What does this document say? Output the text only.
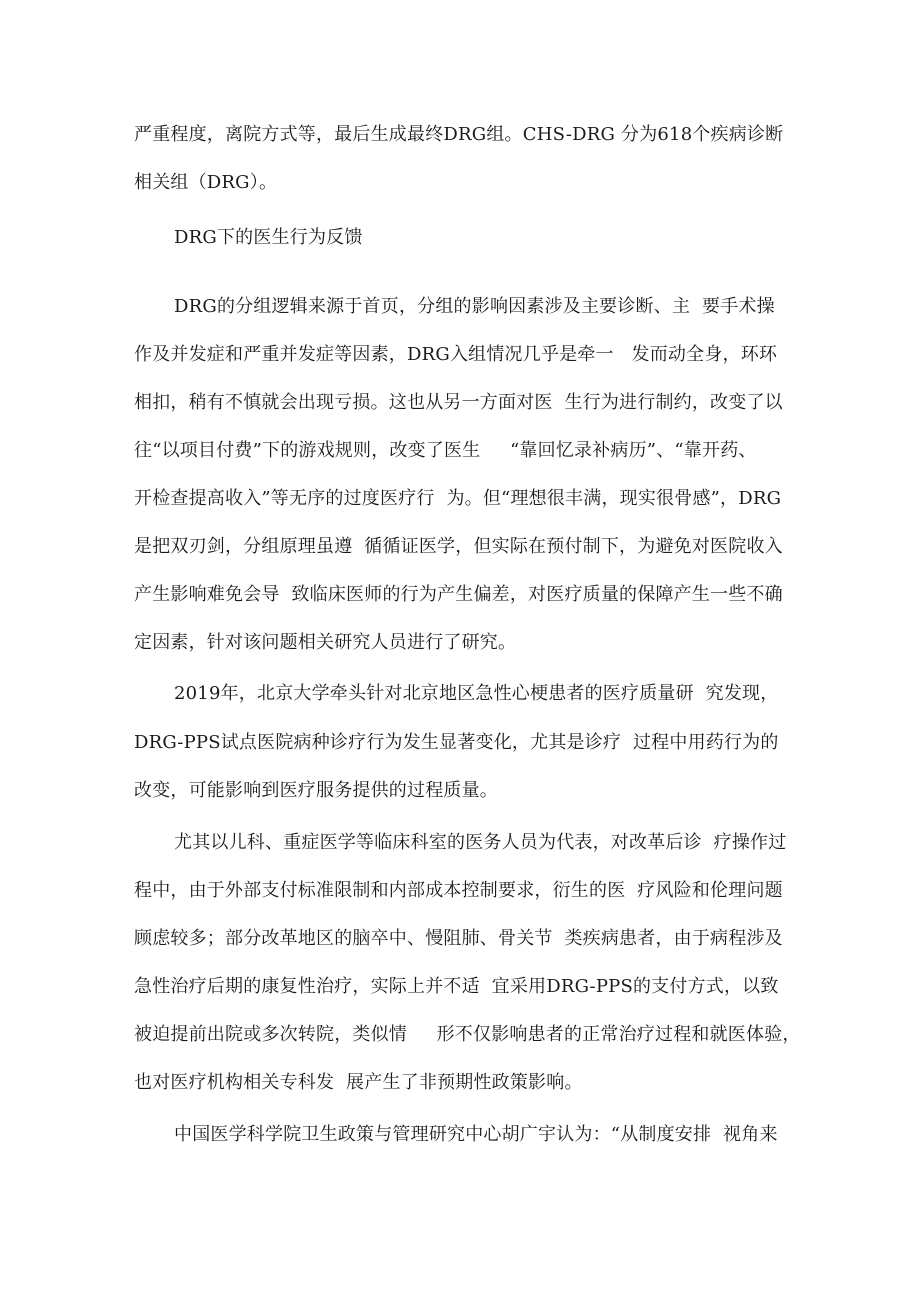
严重程度，离院方式等，最后生成最终DRG组。CHS-DRG 分为618个疾病诊断
相关组（DRG）。
DRG下的医生行为反馈
DRG的分组逻辑来源于首页，分组的影响因素涉及主要诊断、主  要手术操
作及并发症和严重并发症等因素，DRG入组情况几乎是牵一   发而动全身，环环
相扣，稍有不慎就会出现亏损。这也从另一方面对医  生行为进行制约，改变了以
往“以项目付费”下的游戏规则，改变了医生     “靠回忆录补病历”、“靠开药、
开检查提高收入”等无序的过度医疗行  为。但“理想很丰满，现实很骨感”，DRG
是把双刃剑，分组原理虽遵  循循证医学，但实际在预付制下，为避免对医院收入
产生影响难免会导  致临床医师的行为产生偏差，对医疗质量的保障产生一些不确
定因素，针对该问题相关研究人员进行了研究。
2019年，北京大学牵头针对北京地区急性心梗患者的医疗质量研  究发现，
DRG-PPS试点医院病种诊疗行为发生显著变化，尤其是诊疗  过程中用药行为的
改变，可能影响到医疗服务提供的过程质量。
尤其以儿科、重症医学等临床科室的医务人员为代表，对改革后诊  疗操作过
程中，由于外部支付标准限制和内部成本控制要求，衍生的医  疗风险和伦理问题
顾虑较多；部分改革地区的脑卒中、慢阻肺、骨关节  类疾病患者，由于病程涉及
急性治疗后期的康复性治疗，实际上并不适  宜采用DRG-PPS的支付方式，以致
被迫提前出院或多次转院，类似情     形不仅影响患者的正常治疗过程和就医体验，
也对医疗机构相关专科发  展产生了非预期性政策影响。
中国医学科学院卫生政策与管理研究中心胡广宇认为：“从制度安排  视角来
